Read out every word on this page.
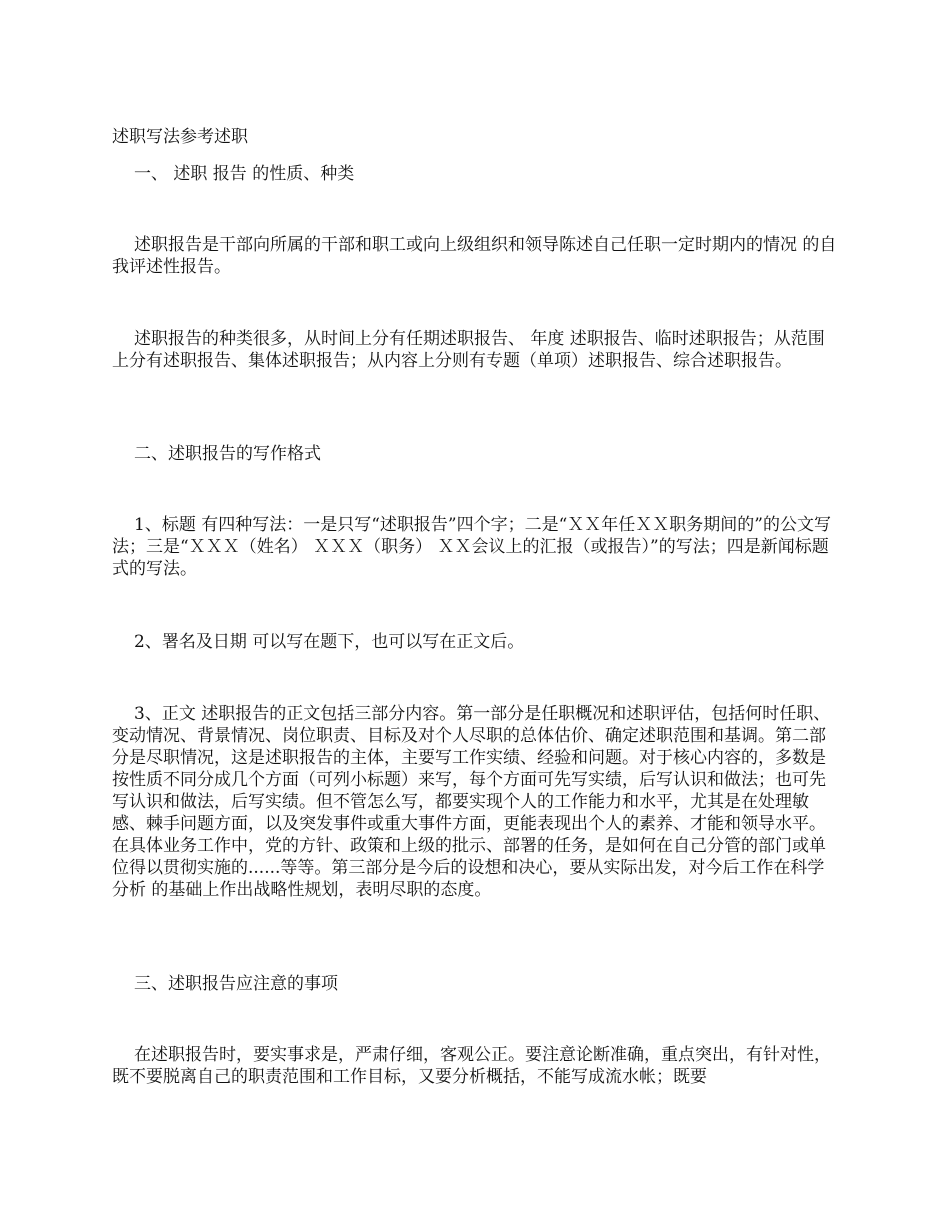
述职写法参考述职
一、 述职 报告 的性质、种类
述职报告是干部向所属的干部和职工或向上级组织和领导陈述自己任职一定时期内的情况 的自我评述性报告。
述职报告的种类很多，从时间上分有任期述职报告、 年度 述职报告、临时述职报告；从范围上分有述职报告、集体述职报告；从内容上分则有专题（单项）述职报告、综合述职报告。
二、述职报告的写作格式
1、标题 有四种写法：一是只写“述职报告”四个字；二是“ＸＸ年任ＸＸ职务期间的”的公文写法；三是“ＸＸＸ（姓名） ＸＸＸ（职务） ＸＸ会议上的汇报（或报告）”的写法；四是新闻标题式的写法。
2、署名及日期 可以写在题下，也可以写在正文后。
3、正文 述职报告的正文包括三部分内容。第一部分是任职概况和述职评估，包括何时任职、变动情况、背景情况、岗位职责、目标及对个人尽职的总体估价、确定述职范围和基调。第二部分是尽职情况，这是述职报告的主体，主要写工作实绩、经验和问题。对于核心内容的，多数是按性质不同分成几个方面（可列小标题）来写，每个方面可先写实绩，后写认识和做法；也可先写认识和做法，后写实绩。但不管怎么写，都要实现个人的工作能力和水平，尤其是在处理敏感、棘手问题方面，以及突发事件或重大事件方面，更能表现出个人的素养、才能和领导水平。在具体业务工作中，党的方针、政策和上级的批示、部署的任务，是如何在自己分管的部门或单位得以贯彻实施的......等等。第三部分是今后的设想和决心，要从实际出发，对今后工作在科学 分析 的基础上作出战略性规划，表明尽职的态度。
三、述职报告应注意的事项
在述职报告时，要实事求是，严肃仔细，客观公正。要注意论断准确，重点突出，有针对性，既不要脱离自己的职责范围和工作目标，又要分析概括，不能写成流水帐；既要
